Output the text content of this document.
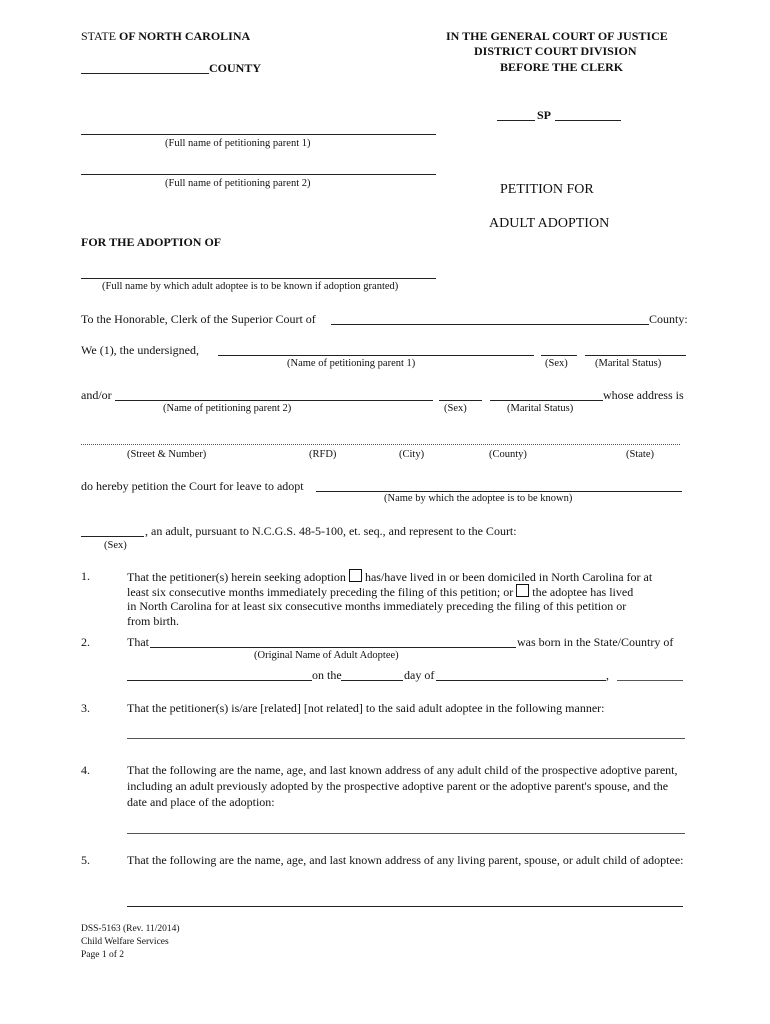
STATE OF NORTH CAROLINA
COUNTY
IN THE GENERAL COURT OF JUSTICE
DISTRICT COURT DIVISION
BEFORE THE CLERK
SP
(Full name of petitioning parent 1)
(Full name of petitioning parent 2)	PETITION FOR
ADULT ADOPTION
FOR THE ADOPTION OF
(Full name by which adult adoptee is to be known if adoption granted)
To the Honorable, Clerk of the Superior Court of	County:
We (1), the undersigned,
(Name of petitioning parent 1)	(Sex)	(Marital Status)
and/or	whose address is
(Name of petitioning parent 2)	(Sex)	(Marital Status)
(Street & Number)	(RFD)	(City)	(County)	(State)
do hereby petition the Court for leave to adopt
(Name by which the adoptee is to be known)
, an adult, pursuant to N.C.G.S. 48-5-100, et. seq., and represent to the Court:
(Sex)
1.	That the petitioner(s) herein seeking adoption has/have lived in or been domiciled in North Carolina for at
least six consecutive months immediately preceding the filing of this petition; or the adoptee has lived
in North Carolina for at least six consecutive months immediately preceding the filing of this petition or
from birth.
2.	That	was born in the State/Country of
(Original Name of Adult Adoptee)
on the	day of	,
3.	That the petitioner(s) is/are [related] [not related] to the said adult adoptee in the following manner:
4.	That the following are the name, age, and last known address of any adult child of the prospective adoptive parent, including an adult previously adopted by the prospective adoptive parent or the adoptive parent's spouse, and the date and place of the adoption:
5.	That the following are the name, age, and last known address of any living parent, spouse, or adult child of adoptee:
DSS-5163 (Rev. 11/2014)
Child Welfare Services
Page 1 of 2
